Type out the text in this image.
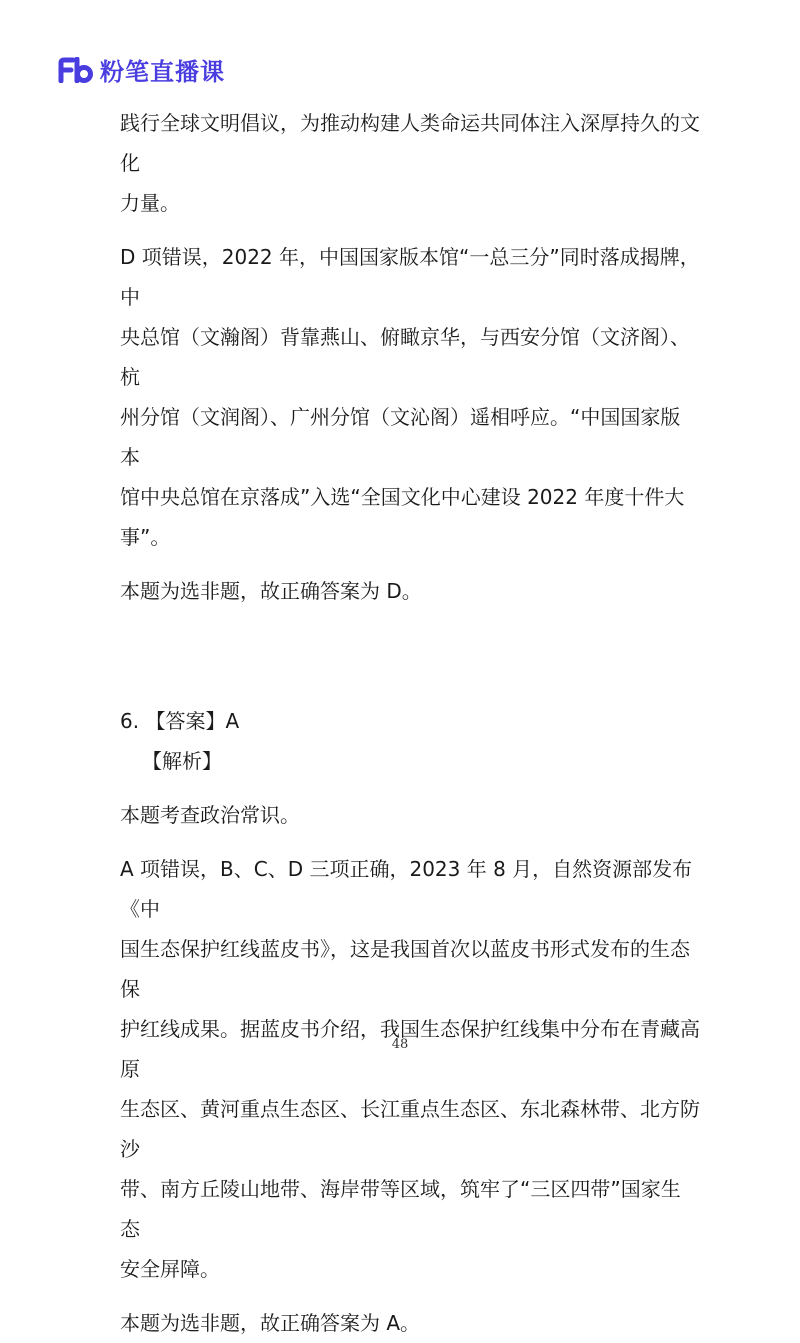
粉笔直播课

践行全球文明倡议，为推动构建人类命运共同体注入深厚持久的文化

力量。

D 项错误，2022 年，中国国家版本馆“一总三分”同时落成揭牌，中

央总馆（文瀚阁）背靠燕山、俯瞰京华，与西安分馆（文济阁）、杭

州分馆（文润阁）、广州分馆（文沁阁）遥相呼应。“中国国家版本

馆中央总馆在京落成”入选“全国文化中心建设 2022 年度十件大

事”。

本题为选非题，故正确答案为 D。

6. 【答案】A

【解析】

本题考查政治常识。

A 项错误，B、C、D 三项正确，2023 年 8 月，自然资源部发布《中

国生态保护红线蓝皮书》，这是我国首次以蓝皮书形式发布的生态保

护红线成果。据蓝皮书介绍，我国生态保护红线集中分布在青藏高原

生态区、黄河重点生态区、长江重点生态区、东北森林带、北方防沙

带、南方丘陵山地带、海岸带等区域，筑牢了“三区四带”国家生态

安全屏障。

本题为选非题，故正确答案为 A。

48
